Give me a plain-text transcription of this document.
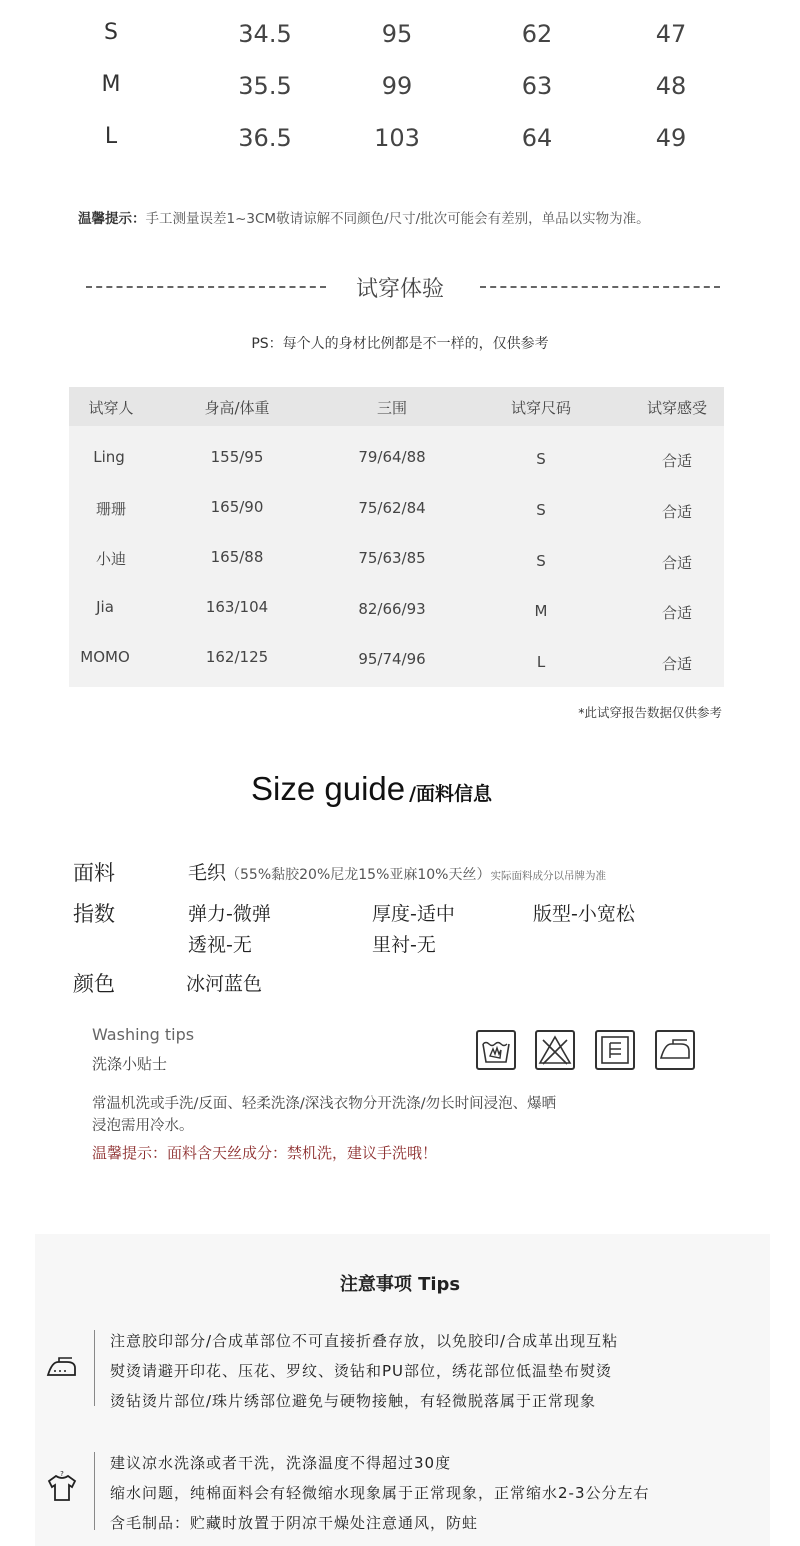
S	34.5	95	62	47
M	35.5	99	63	48
L	36.5	103	64	49
温馨提示：手工测量误差1~3CM敬请谅解不同颜色/尺寸/批次可能会有差别，单品以实物为准。
试穿体验
PS：每个人的身材比例都是不一样的，仅供参考
试穿人	身高/体重	三围	试穿尺码	试穿感受
Ling	155/95	79/64/88	S	合适
珊珊	165/90	75/62/84	S	合适
小迪	165/88	75/63/85	S	合适
Jia	163/104	82/66/93	M	合适
MOMO	162/125	95/74/96	L	合适
*此试穿报告数据仅供参考
Size guide /面料信息
面料	毛织（55%黏胶20%尼龙15%亚麻10%天丝）实际面料成分以吊牌为准
指数	弹力-微弹	厚度-适中	版型-小宽松
透视-无	里衬-无
颜色	冰河蓝色
Washing tips
洗涤小贴士
常温机洗或手洗/反面、轻柔洗涤/深浅衣物分开洗涤/勿长时间浸泡、爆晒
浸泡需用冷水。
温馨提示：面料含天丝成分：禁机洗，建议手洗哦！
注意事项 Tips
注意胶印部分/合成革部位不可直接折叠存放，以免胶印/合成革出现互粘
熨烫请避开印花、压花、罗纹、烫钻和PU部位，绣花部位低温垫布熨烫
烫钻烫片部位/珠片绣部位避免与硬物接触，有轻微脱落属于正常现象
?
建议凉水洗涤或者干洗，洗涤温度不得超过30度
缩水问题，纯棉面料会有轻微缩水现象属于正常现象，正常缩水2-3公分左右
含毛制品：贮藏时放置于阴凉干燥处注意通风，防蛀
